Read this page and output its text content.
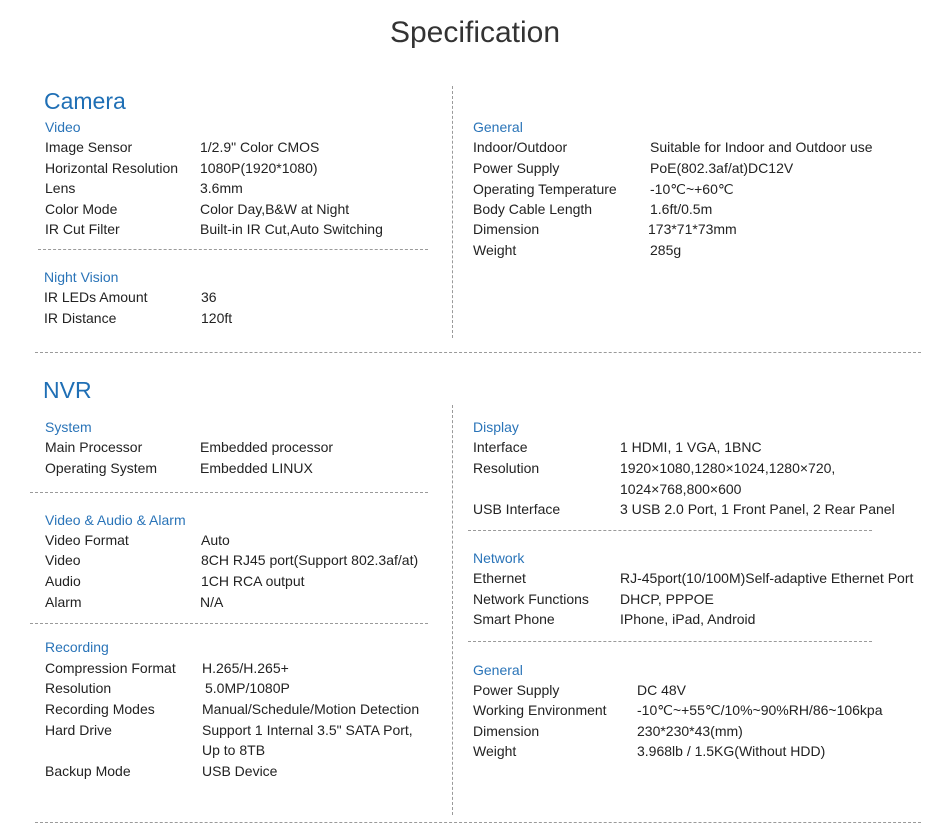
Specification
Camera
Video
Image Sensor	1/2.9" Color CMOS
Horizontal Resolution 1080P(1920*1080)
Lens	3.6mm
Color Mode	Color Day,B&W at Night
IR Cut Filter	Built-in IR Cut,Auto Switching
Night Vision
IR LEDs Amount	36
IR Distance	120ft
General
Indoor/Outdoor	Suitable for Indoor and Outdoor use
Power Supply	PoE(802.3af/at)DC12V
Operating Temperature -10℃~+60℃
Body Cable Length	1.6ft/0.5m
Dimension	173*71*73mm
Weight	285g
NVR
System
Main Processor	Embedded processor
Operating System	Embedded LINUX
Video & Audio & Alarm
Video Format	Auto
Video	8CH RJ45 port(Support 802.3af/at)
Audio	1CH RCA output
Alarm	N/A
Recording
Compression Format H.265/H.265+
Resolution	5.0MP/1080P
Recording Modes	Manual/Schedule/Motion Detection
Hard Drive	Support 1 Internal 3.5" SATA Port,
Up to 8TB
Backup Mode	USB Device
Display
Interface	1 HDMI, 1 VGA, 1BNC
Resolution	1920×1080,1280×1024,1280×720,
1024×768,800×600
USB Interface	3 USB 2.0 Port, 1 Front Panel, 2 Rear Panel
Network
Ethernet	RJ-45port(10/100M)Self-adaptive Ethernet Port
Network Functions DHCP, PPPOE
Smart Phone	IPhone, iPad, Android
General
Power Supply	DC 48V
Working Environment -10℃~+55℃/10%~90%RH/86~106kpa
Dimension	230*230*43(mm)
Weight	3.968lb / 1.5KG(Without HDD)
